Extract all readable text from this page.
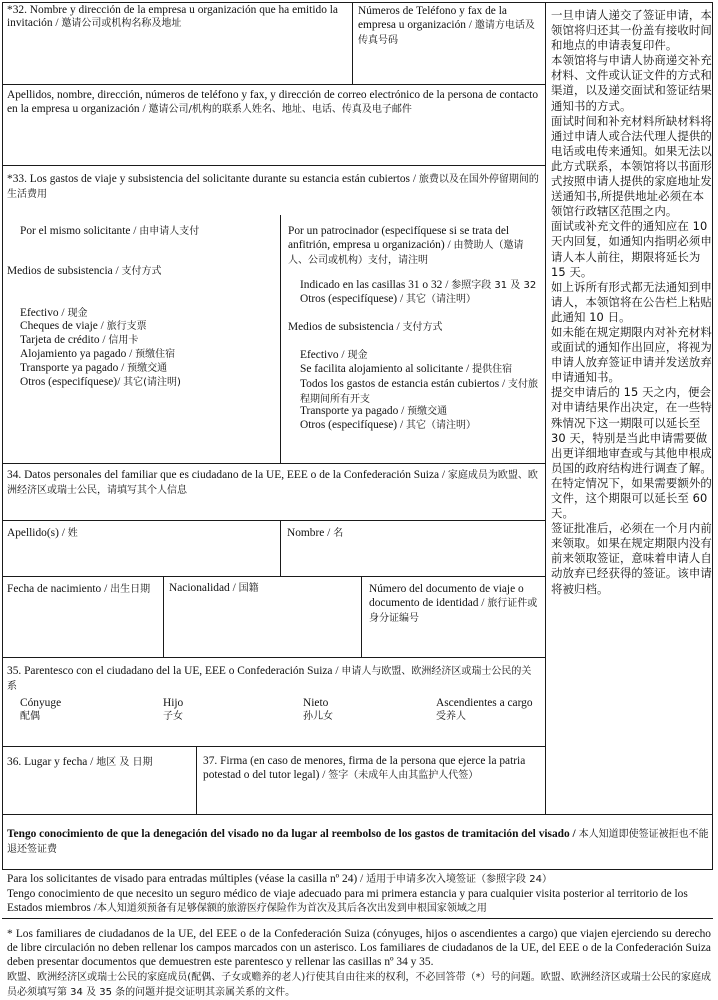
*32. Nombre y dirección de la empresa u organización que ha emitido la invitación / 邀请公司或机构名称及地址
Números de Teléfono y fax de la empresa u organización / 邀请方电话及传真号码
Apellidos, nombre, dirección, números de teléfono y fax, y dirección de correo electrónico de la persona de contacto en la empresa u organización / 邀请公司/机构的联系人姓名、地址、电话、传真及电子邮件
*33. Los gastos de viaje y subsistencia del solicitante durante su estancia están cubiertos / 旅费以及在国外停留期间的生活费用
Por el mismo solicitante / 由申请人支付
Medios de subsistencia / 支付方式
Efectivo / 现金
Cheques de viaje / 旅行支票
Tarjeta de crédito / 信用卡
Alojamiento ya pagado / 预缴住宿
Transporte ya pagado / 预缴交通
Otros (especifíquese)/ 其它(请注明)
Por un patrocinador (especifíquese si se trata del anfitrión, empresa u organización) / 由赞助人（邀请人、公司或机构）支付，请注明
Indicado en las casillas 31 o 32 / 参照字段 31 及 32
Otros (especifíquese) / 其它（请注明）
Medios de subsistencia / 支付方式
Efectivo / 现金
Se facilita alojamiento al solicitante / 提供住宿
Todos los gastos de estancia están cubiertos / 支付旅程期间所有开支
Transporte ya pagado / 预缴交通
Otros (especifíquese) / 其它（请注明）
34. Datos personales del familiar que es ciudadano de la UE, EEE o de la Confederación Suiza / 家庭成员为欧盟、欧洲经济区或瑞士公民，请填写其个人信息
Apellido(s) / 姓	Nombre / 名
Fecha de nacimiento / 出生日期	Nacionalidad / 国籍	Número del documento de viaje o documento de identidad / 旅行证件或身分证编号
35. Parentesco con el ciudadano del la UE, EEE o Confederación Suiza / 申请人与欧盟、欧洲经济区或瑞士公民的关系
Cónyuge
配偶
Hijo
子女
Nieto
孙儿女
Ascendientes a cargo
受养人
36. Lugar y fecha / 地区 及 日期	37. Firma (en caso de menores, firma de la persona que ejerce la patria potestad o del tutor legal) / 签字（未成年人由其监护人代签）
Tengo conocimiento de que la denegación del visado no da lugar al reembolso de los gastos de tramitación del visado / 本人知道即使签证被拒也不能退还签证费
Para los solicitantes de visado para entradas múltiples (véase la casilla nº 24) / 适用于申请多次入境签证（参照字段 24）
Tengo conocimiento de que necesito un seguro médico de viaje adecuado para mi primera estancia y para cualquier visita posterior al territorio de los Estados miembros /本人知道须预备有足够保额的旅游医疗保险作为首次及其后各次出发到申根国家领域之用
* Los familiares de ciudadanos de la UE, del EEE o de la Confederación Suiza (cónyuges, hijos o ascendientes a cargo) que viajen ejerciendo su derecho de libre circulación no deben rellenar los campos marcados con un asterisco. Los familiares de ciudadanos de la UE, del EEE o de la Confederación Suiza deben presentar documentos que demuestren este parentesco y rellenar las casillas nº 34 y 35.
欧盟、欧洲经济区或瑞士公民的家庭成员(配偶、子女或赡养的老人)行使其自由往来的权利，不必回答带（*）号的问题。欧盟、欧洲经济区或瑞士公民的家庭成员必须填写第 34 及 35 条的问题并提交证明其亲属关系的文件。

一旦申请人递交了签证申请，本领馆将归还其一份盖有接收时间和地点的申请表复印件。

本领馆将与申请人协商递交补充材料、文件或认证文件的方式和渠道，以及递交面试和签证结果通知书的方式。

面试时间和补充材料所缺材料将通过申请人或合法代理人提供的电话或电传来通知。如果无法以此方式联系，本领馆将以书面形式按照申请人提供的家庭地址发送通知书,所提供地址必须在本领馆行政辖区范围之内。

面试或补充文件的通知应在 10 天内回复，如通知内指明必须申请人本人前往，期限将延长为 15 天。

如上诉所有形式都无法通知到申请人，本领馆将在公告栏上粘贴此通知 10 日。

如未能在规定期限内对补充材料或面试的通知作出回应，将视为申请人放弃签证申请并发送放弃申请通知书。

提交申请后的 15 天之内，便会对申请结果作出决定，在一些特殊情况下这一期限可以延长至 30 天，特别是当此申请需要做出更详细地审查或与其他申根成员国的政府结构进行调查了解。

在特定情况下，如果需要额外的文件，这个期限可以延长至 60 天。

签证批准后，必须在一个月内前来领取。如果在规定期限内没有前来领取签证，意味着申请人自动放弃已经获得的签证。该申请将被归档。
